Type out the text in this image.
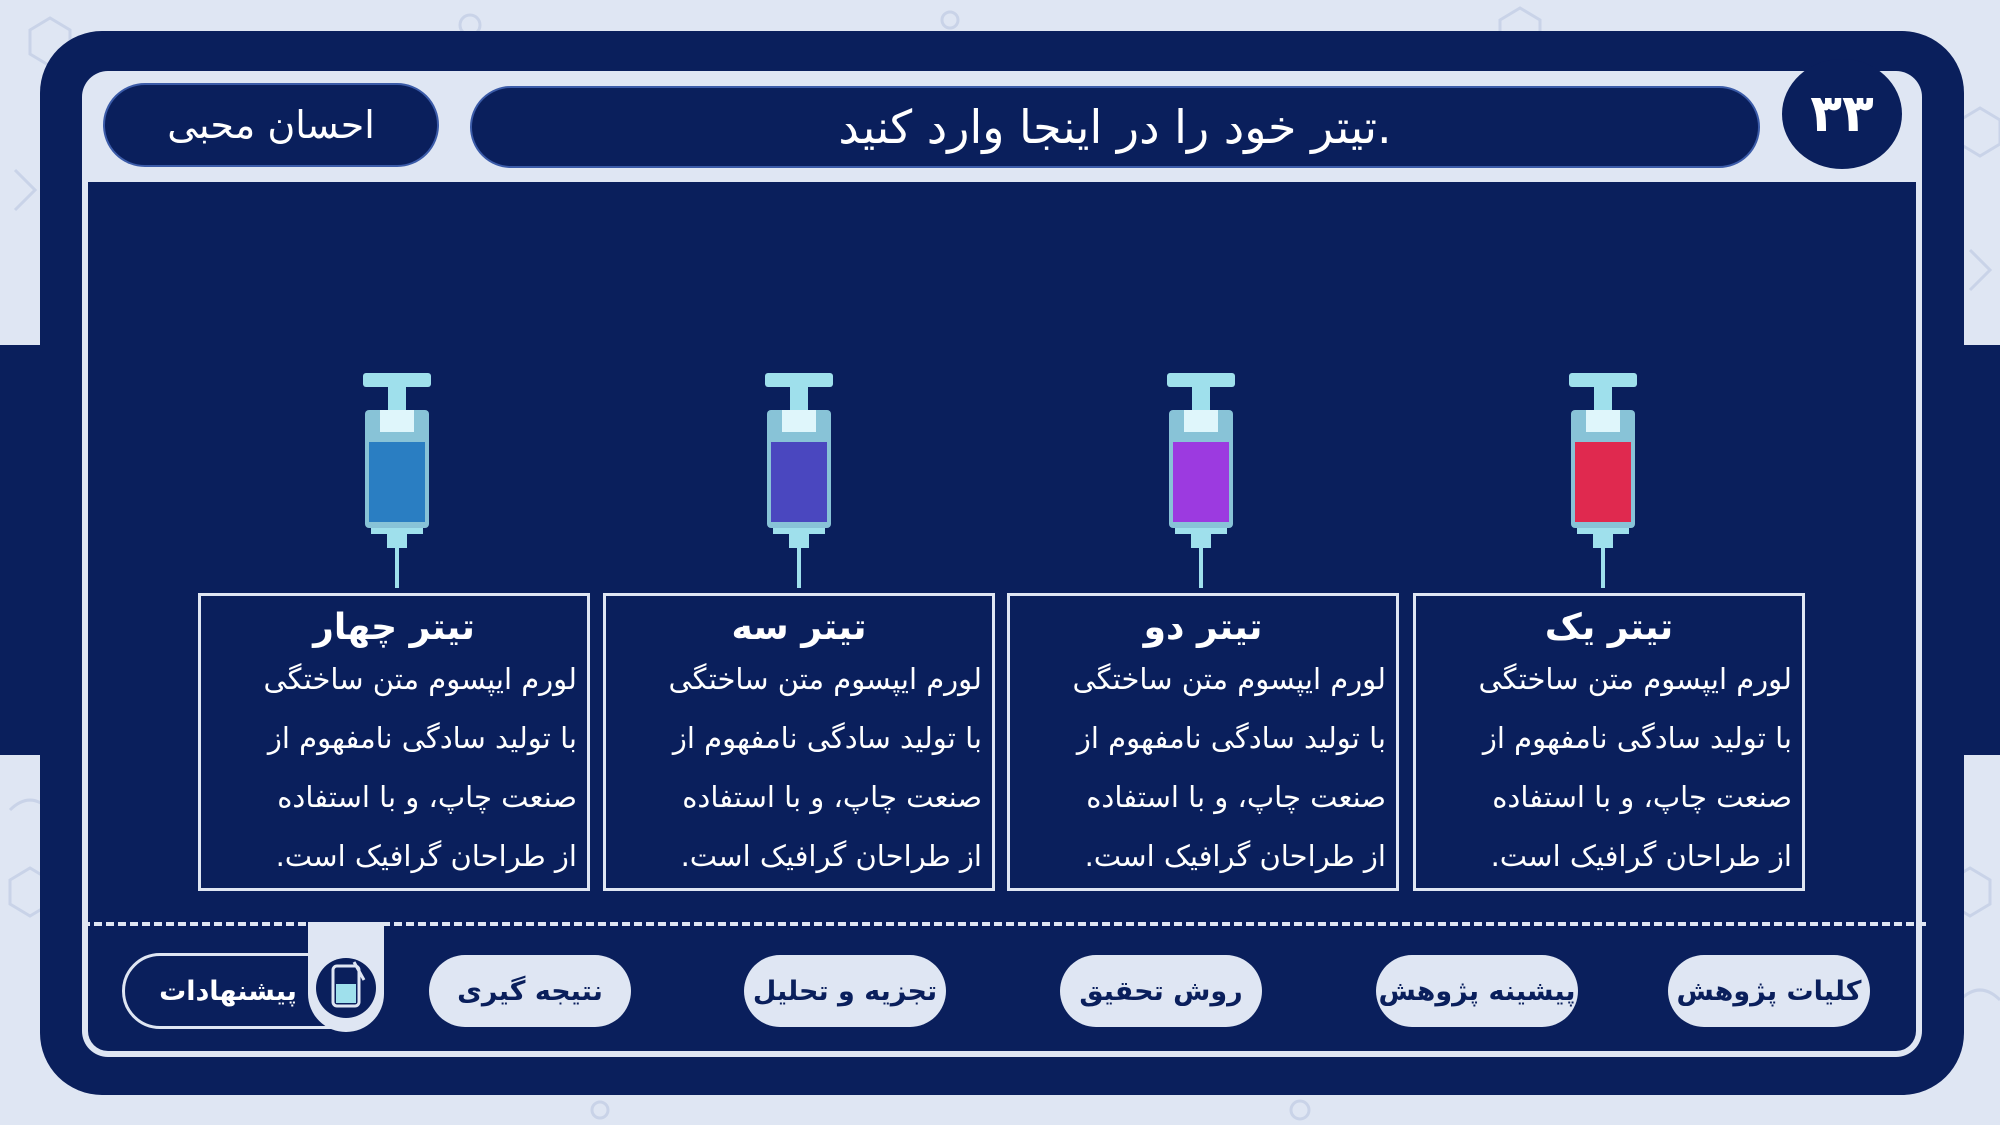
۳۳
تیتر خود را در اینجا وارد کنید.
احسان محبی
تیتر یک
لورم ایپسوم متن ساختگی
با تولید سادگی نامفهوم از
صنعت چاپ، و با استفاده
از طراحان گرافیک است.
تیتر دو
لورم ایپسوم متن ساختگی
با تولید سادگی نامفهوم از
صنعت چاپ، و با استفاده
از طراحان گرافیک است.
تیتر سه
لورم ایپسوم متن ساختگی
با تولید سادگی نامفهوم از
صنعت چاپ، و با استفاده
از طراحان گرافیک است.
تیتر چهار
لورم ایپسوم متن ساختگی
با تولید سادگی نامفهوم از
صنعت چاپ، و با استفاده
از طراحان گرافیک است.
کلیات پژوهش
پیشینه پژوهش
روش تحقیق
تجزیه و تحلیل
نتیجه گیری
پیشنهادات
